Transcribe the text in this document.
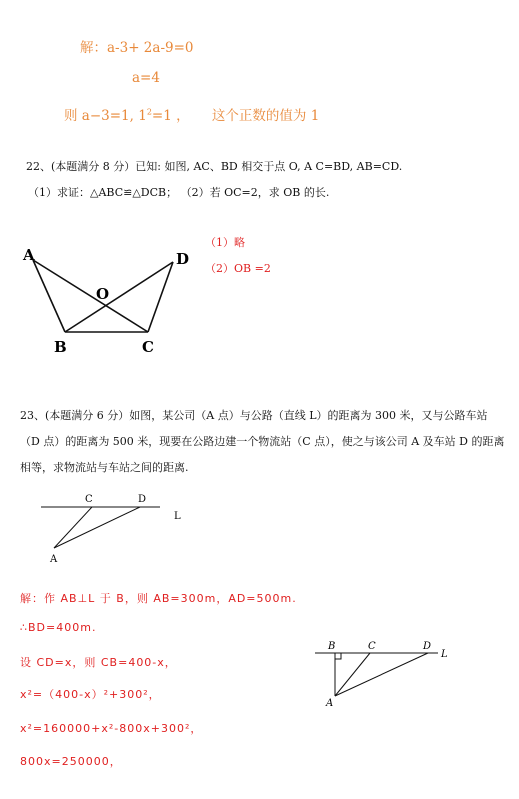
解：a-3+ 2a-9=0
a=4
则 a−3=1, $1^2=1$ ， 这个正数的值为 1
22、(本题满分 8 分）已知: 如图, AC、BD 相交于点 O, A C=BD, AB=CD.
（1）求证：△ABC≌△DCB； （2）若 OC=2，求 OB 的长.
A	D
O
B	C
（1）略
（2）OB =2
23、(本题满分 6 分）如图，某公司（A 点）与公路（直线 L）的距离为 300 米，又与公路车站（D 点）的距离为 500 米，现要在公路边建一个物流站（C 点），使之与该公司 A 及车站 D 的距离相等，求物流站与车站之间的距离.
C	D
L
A
解：作 AB⊥L 于 B，则 AB=300m，AD=500m.
∴BD=400m.
设 CD=x，则 CB=400-x，
x²=（400-x）²+300²，
x²=160000+x²-800x+300²，
800x=250000，
B	C	D
L
A
